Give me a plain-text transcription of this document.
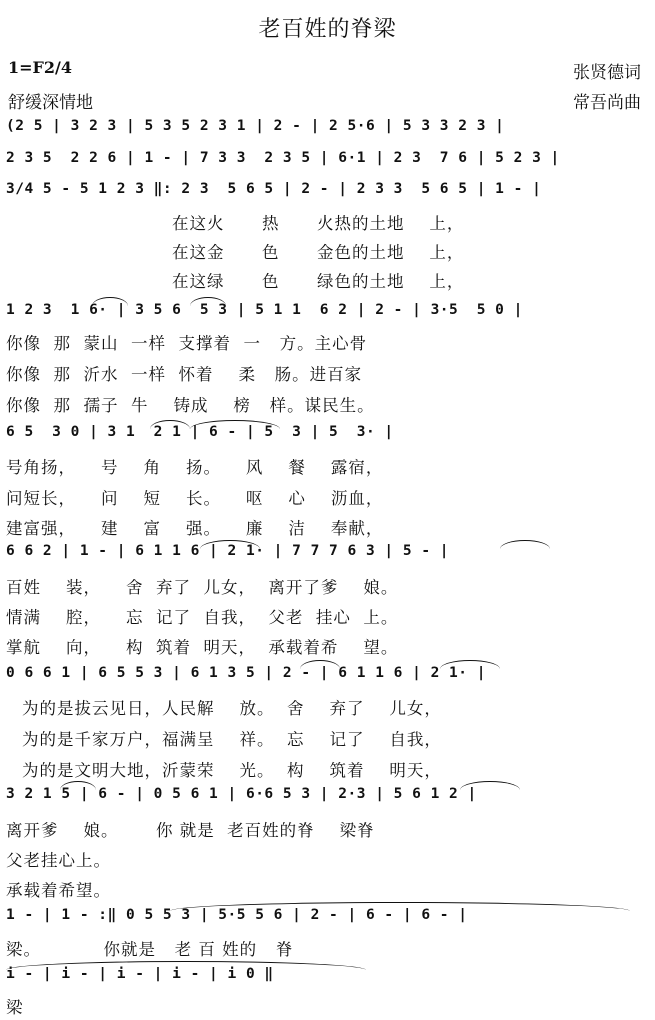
老百姓的脊梁
1=F2/4	张贤德词
舒缓深情地	常吾尚曲
(2 5 | 3 2 3 | 5 3 5 2 3 1 | 2 - | 2 5·6 | 5 3 3 2 3 |
2 3 5  2 2 6 | 1 - | 7 3 3  2 3 5 | 6·1 | 2 3  7 6 | 5 2 3 |
3/4 5 - 5 1 2 3 ‖: 2 3  5 6 5 | 2 - | 2 3 3  5 6 5 | 1 - |
在这火      热      火热的土地    上，
在这金      色      金色的土地    上，
在这绿      色      绿色的土地    上，
1 2 3  1 6· | 3 5 6  5 3 | 5 1 1  6 2 | 2 - | 3·5  5 0 |
你像  那  蒙山  一样  支撑着  一   方。主心骨
你像  那  沂水  一样  怀着    柔   肠。进百家
你像  那  孺子  牛    铸成    榜   样。谋民生。
6 5  3 0 | 3 1  2 1 | 6 - | 5  3 | 5  3· |
号角扬，    号    角    扬。    风    餐    露宿，
问短长，    问    短    长。    呕    心    沥血，
建富强，    建    富    强。    廉    洁    奉献，
6 6 2 | 1 - | 6 1 1 6 | 2 1· | 7 7 7 6 3 | 5 - |
百姓    装，    舍  弃了  儿女，  离开了爹    娘。
情满    腔，    忘  记了  自我，  父老  挂心  上。
掌航    向，    构  筑着  明天，  承载着希    望。
0 6 6 1 | 6 5 5 3 | 6 1 3 5 | 2 - | 6 1 1 6 | 2 1· |
为的是拔云见日，人民解    放。  舍    弃了    儿女，
为的是千家万户，福满呈    祥。  忘    记了    自我，
为的是文明大地，沂蒙荣    光。  构    筑着    明天，
3 2 1 5 | 6 - | 0 5 6 1 | 6·6 5 3 | 2·3 | 5 6 1 2 |
离开爹    娘。      你 就是  老百姓的脊    梁脊
父老挂心上。
承载着希望。
1 - | 1 - :‖ 0 5 5 3 | 5·5 5 6 | 2 - | 6 - | 6 - |
梁。          你就是   老 百 姓的   脊
i - | i - | i - | i - | i 0 ‖
梁
